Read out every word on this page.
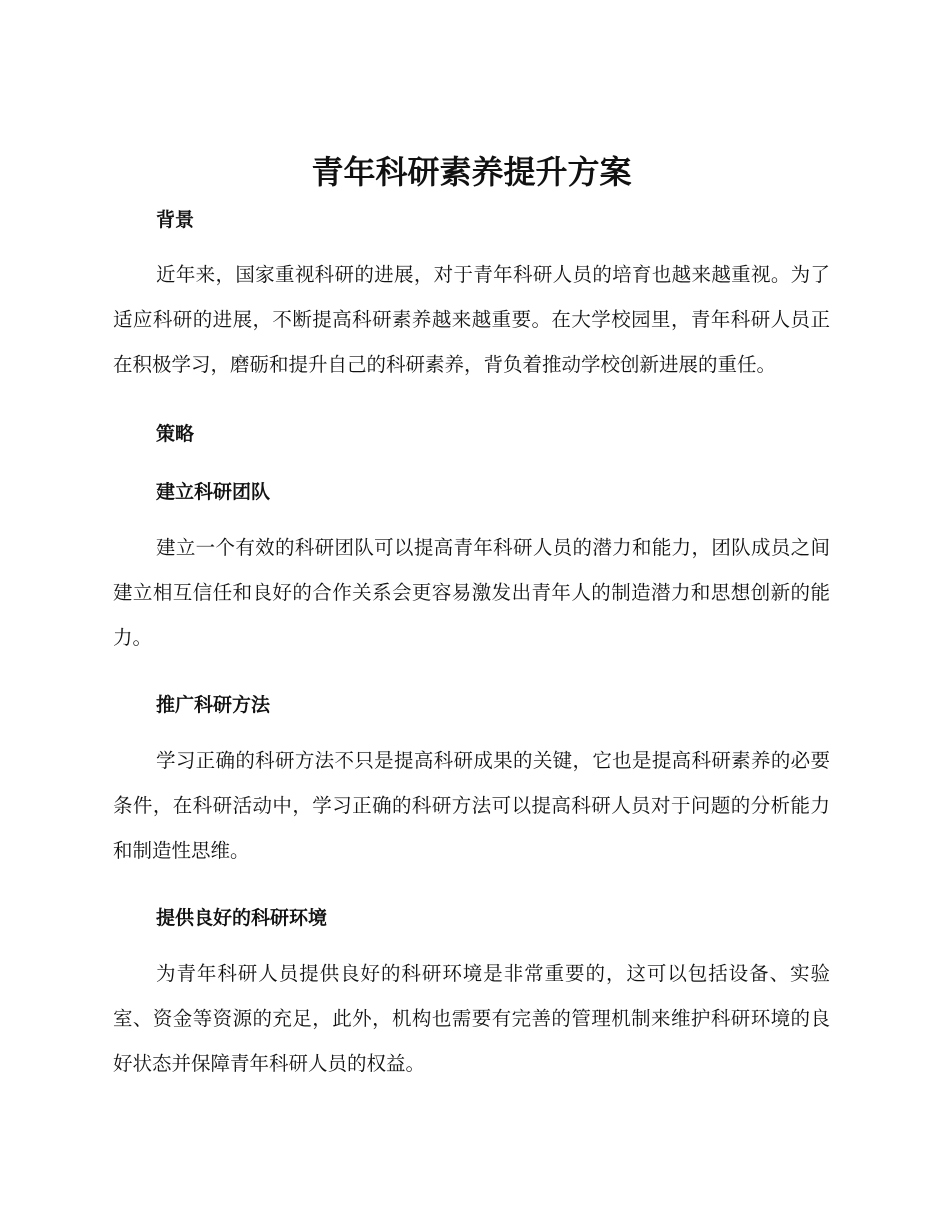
青年科研素养提升方案
背景

近年来，国家重视科研的进展，对于青年科研人员的培育也越来越重视。为了适应科研的进展，不断提高科研素养越来越重要。在大学校园里，青年科研人员正在积极学习，磨砺和提升自己的科研素养，背负着推动学校创新进展的重任。

策略
建立科研团队

建立一个有效的科研团队可以提高青年科研人员的潜力和能力，团队成员之间建立相互信任和良好的合作关系会更容易激发出青年人的制造潜力和思想创新的能力。

推广科研方法

学习正确的科研方法不只是提高科研成果的关键，它也是提高科研素养的必要条件，在科研活动中，学习正确的科研方法可以提高科研人员对于问题的分析能力和制造性思维。

提供良好的科研环境

为青年科研人员提供良好的科研环境是非常重要的，这可以包括设备、实验室、资金等资源的充足，此外，机构也需要有完善的管理机制来维护科研环境的良好状态并保障青年科研人员的权益。
